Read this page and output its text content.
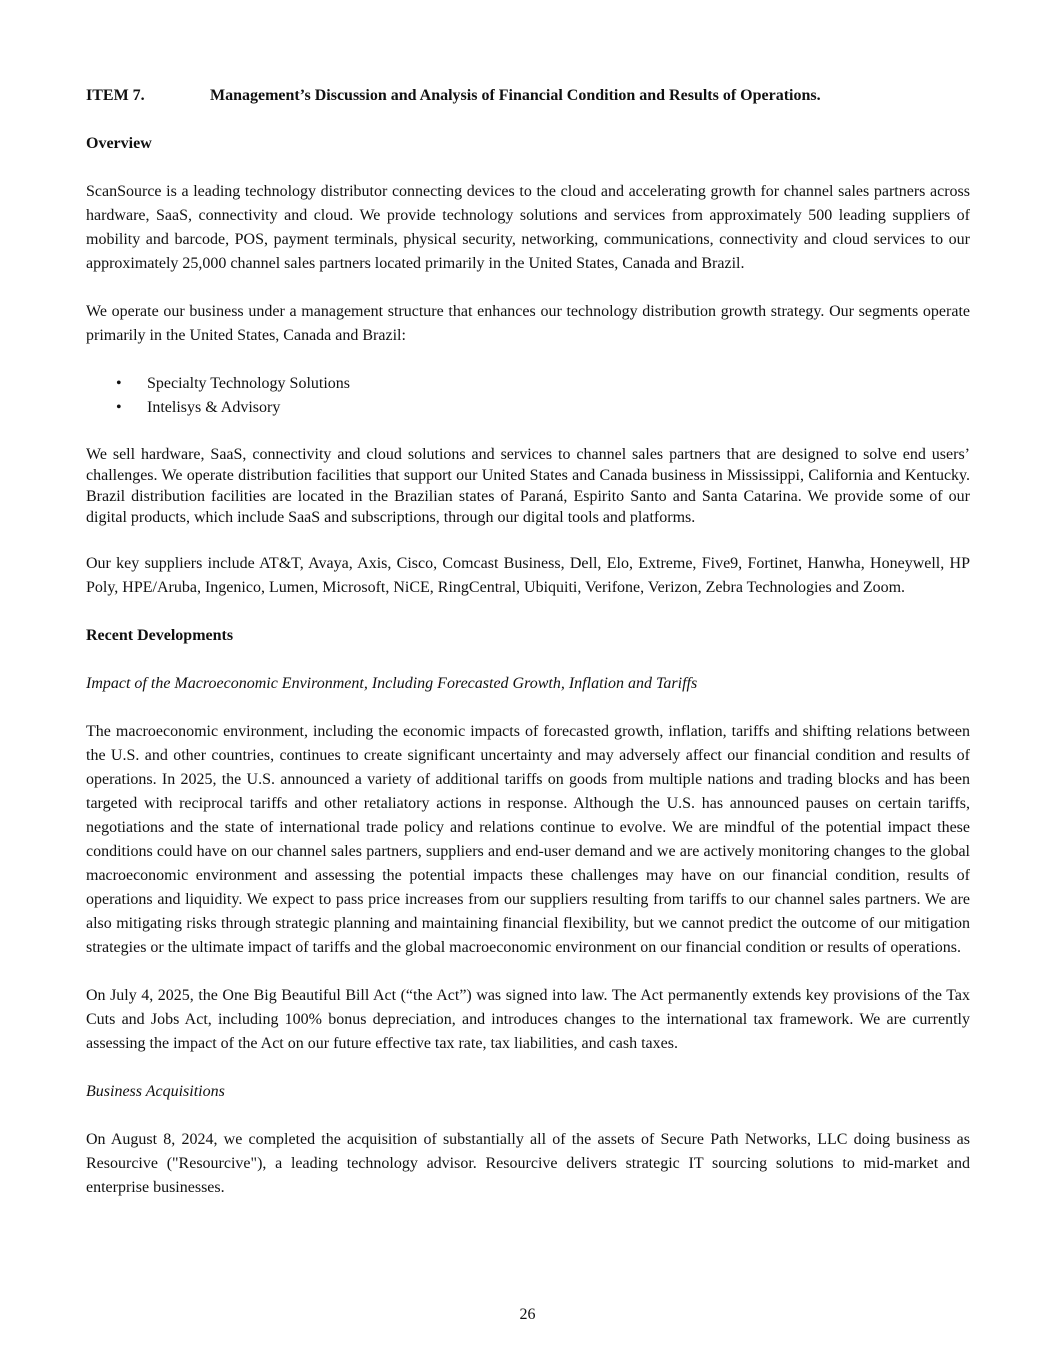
ITEM 7.	Management’s Discussion and Analysis of Financial Condition and Results of Operations.
Overview

ScanSource is a leading technology distributor connecting devices to the cloud and accelerating growth for channel sales partners across hardware, SaaS, connectivity and cloud. We provide technology solutions and services from approximately 500 leading suppliers of mobility and barcode, POS, payment terminals, physical security, networking, communications, connectivity and cloud services to our approximately 25,000 channel sales partners located primarily in the United States, Canada and Brazil.

We operate our business under a management structure that enhances our technology distribution growth strategy. Our segments operate primarily in the United States, Canada and Brazil:

•	Specialty Technology Solutions
•	Intelisys & Advisory

We sell hardware, SaaS, connectivity and cloud solutions and services to channel sales partners that are designed to solve end users’ challenges. We operate distribution facilities that support our United States and Canada business in Mississippi, California and Kentucky. Brazil distribution facilities are located in the Brazilian states of Paraná, Espirito Santo and Santa Catarina. We provide some of our digital products, which include SaaS and subscriptions, through our digital tools and platforms.

Our key suppliers include AT&T, Avaya, Axis, Cisco, Comcast Business, Dell, Elo, Extreme, Five9, Fortinet, Hanwha, Honeywell, HP Poly, HPE/Aruba, Ingenico, Lumen, Microsoft, NiCE, RingCentral, Ubiquiti, Verifone, Verizon, Zebra Technologies and Zoom.

Recent Developments
Impact of the Macroeconomic Environment, Including Forecasted Growth, Inflation and Tariffs

The macroeconomic environment, including the economic impacts of forecasted growth, inflation, tariffs and shifting relations between the U.S. and other countries, continues to create significant uncertainty and may adversely affect our financial condition and results of operations. In 2025, the U.S. announced a variety of additional tariffs on goods from multiple nations and trading blocks and has been targeted with reciprocal tariffs and other retaliatory actions in response. Although the U.S. has announced pauses on certain tariffs, negotiations and the state of international trade policy and relations continue to evolve. We are mindful of the potential impact these conditions could have on our channel sales partners, suppliers and end-user demand and we are actively monitoring changes to the global macroeconomic environment and assessing the potential impacts these challenges may have on our financial condition, results of operations and liquidity. We expect to pass price increases from our suppliers resulting from tariffs to our channel sales partners. We are also mitigating risks through strategic planning and maintaining financial flexibility, but we cannot predict the outcome of our mitigation strategies or the ultimate impact of tariffs and the global macroeconomic environment on our financial condition or results of operations.

On July 4, 2025, the One Big Beautiful Bill Act (“the Act”) was signed into law. The Act permanently extends key provisions of the Tax Cuts and Jobs Act, including 100% bonus depreciation, and introduces changes to the international tax framework. We are currently assessing the impact of the Act on our future effective tax rate, tax liabilities, and cash taxes.

Business Acquisitions

On August 8, 2024, we completed the acquisition of substantially all of the assets of Secure Path Networks, LLC doing business as Resourcive ("Resourcive"), a leading technology advisor. Resourcive delivers strategic IT sourcing solutions to mid-market and enterprise businesses.

26
